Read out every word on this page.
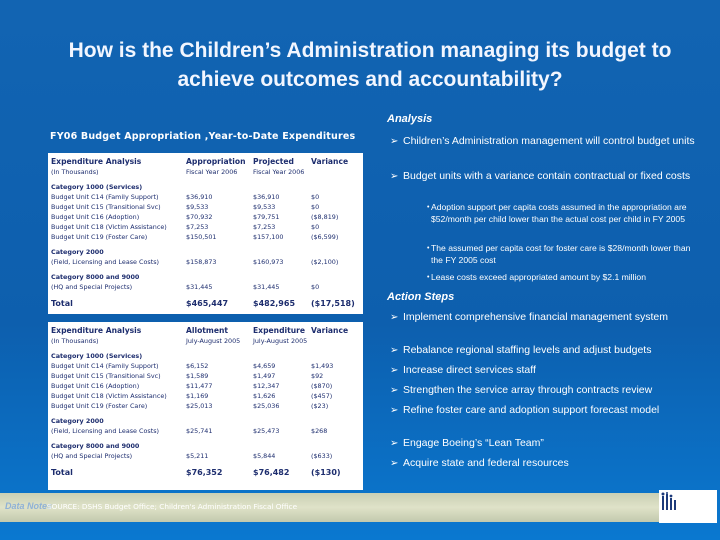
How is the Children’s Administration managing its budget to achieve outcomes and accountability?
FY06 Budget Appropriation ,Year-to-Date Expenditures
Expenditure Analysis	Appropriation	Projected	Variance
(In Thousands)	Fiscal Year 2006	Fiscal Year 2006	

Category 1000 (Services)			
Budget Unit C14 (Family Support)	$36,910	$36,910	$0
Budget Unit C15 (Transitional Svc)	$9,533	$9,533	$0
Budget Unit C16 (Adoption)	$70,932	$79,751	($8,819)
Budget Unit C18 (Victim Assistance)	$7,253	$7,253	$0
Budget Unit C19 (Foster Care)	$150,501	$157,100	($6,599)

Category 2000			
(Field, Licensing and Lease Costs)	$158,873	$160,973	($2,100)

Category 8000 and 9000			
(HQ and Special Projects)	$31,445	$31,445	$0

Total	$465,447	$482,965	($17,518)
Expenditure Analysis	Allotment	Expenditure	Variance
(In Thousands)	July-August 2005	July-August 2005	

Category 1000 (Services)			
Budget Unit C14 (Family Support)	$6,152	$4,659	$1,493
Budget Unit C15 (Transitional Svc)	$1,589	$1,497	$92
Budget Unit C16 (Adoption)	$11,477	$12,347	($870)
Budget Unit C18 (Victim Assistance)	$1,169	$1,626	($457)
Budget Unit C19 (Foster Care)	$25,013	$25,036	($23)

Category 2000			
(Field, Licensing and Lease Costs)	$25,741	$25,473	$268

Category 8000 and 9000			
(HQ and Special Projects)	$5,211	$5,844	($633)

Total	$76,352	$76,482	($130)
Analysis
➢ Children’s Administration management will control budget units
➢ Budget units with a variance contain contractual or fixed costs
• Adoption support per capita costs assumed in the appropriation are $52/month per child lower than the actual cost per child in FY 2005
• The assumed per capita cost for foster care is $28/month lower than the FY 2005 cost
• Lease costs exceed appropriated amount by $2.1 million
Action Steps
➢ Implement comprehensive financial management system
➢ Rebalance regional staffing levels and adjust budgets
➢ Increase direct services staff
➢ Strengthen the service array through contracts review
➢ Refine foster care and adoption support forecast model
➢ Engage Boeing’s “Lean Team”
➢ Acquire state and federal resources
Data Notes
SOURCE: DSHS Budget Office; Children's Administration Fiscal Office
